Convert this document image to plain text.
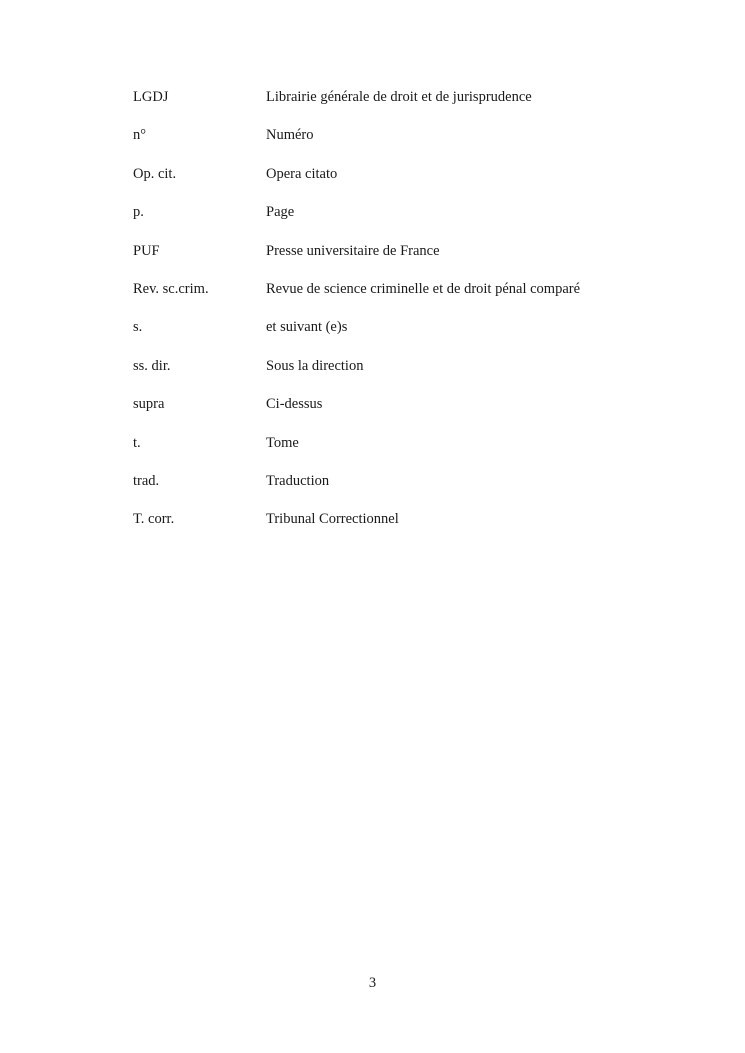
LGDJ	Librairie générale de droit et de jurisprudence
n°	Numéro
Op. cit.	Opera citato
p.	Page
PUF	Presse universitaire de France
Rev. sc.crim.	Revue de science criminelle et de droit pénal comparé
s.	et suivant (e)s
ss. dir.	Sous la direction
supra	Ci-dessus
t.	Tome
trad.	Traduction
T. corr.	Tribunal Correctionnel
3
